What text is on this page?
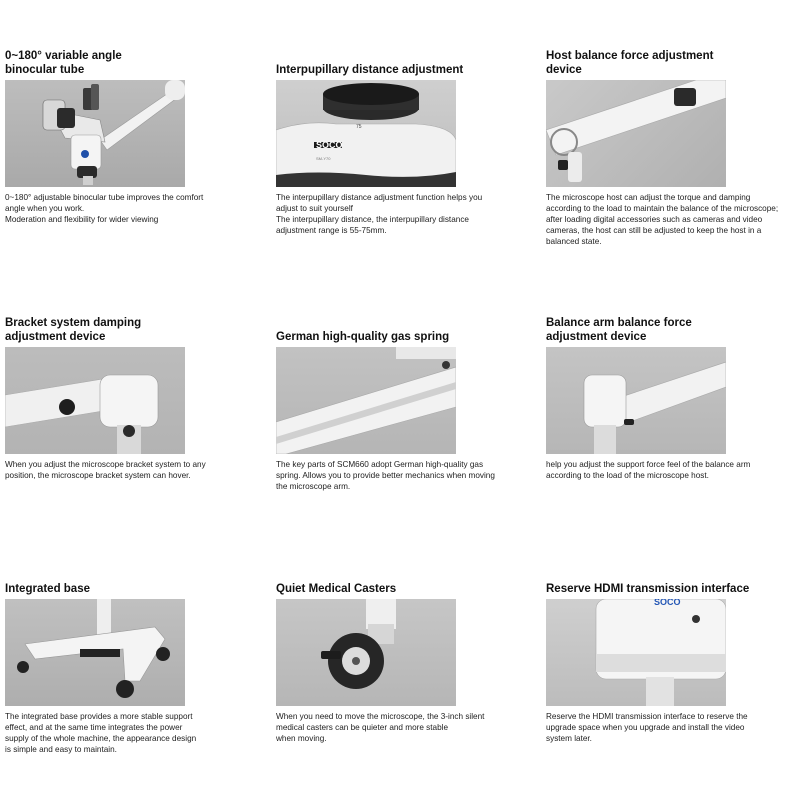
0~180° variable angle
binocular tube
0~180° adjustable binocular tube improves the comfort
angle when you work.
Moderation and flexibility for wider viewing
Interpupillary distance adjustment
SOCO
SM-Y70
75
The interpupillary distance adjustment function helps you
adjust to suit yourself
The interpupillary distance, the interpupillary distance
adjustment range is 55-75mm.
Host balance force adjustment
device
The microscope host can adjust the torque and damping
according to the load to maintain the balance of the microscope;
after loading digital accessories such as cameras and video
cameras, the host can still be adjusted to keep the host in a
balanced state.
Bracket system damping
adjustment device
When you adjust the microscope bracket system to any
position, the microscope bracket system can hover.
German high-quality gas spring
The key parts of SCM660 adopt German high-quality gas
spring. Allows you to provide better mechanics when moving
the microscope arm.
Balance arm balance force
adjustment device
help you adjust the support force feel of the balance arm
according to the load of the microscope host.
Integrated base
The integrated base provides a more stable support
effect, and at the same time integrates the power
supply of the whole machine, the appearance design
is simple and easy to maintain.
Quiet Medical Casters
When you need to move the microscope, the 3-inch silent
medical casters can be quieter and more stable
when moving.
Reserve HDMI transmission interface
SOCO
Reserve the HDMI transmission interface to reserve the
upgrade space when you upgrade and install the video
system later.
